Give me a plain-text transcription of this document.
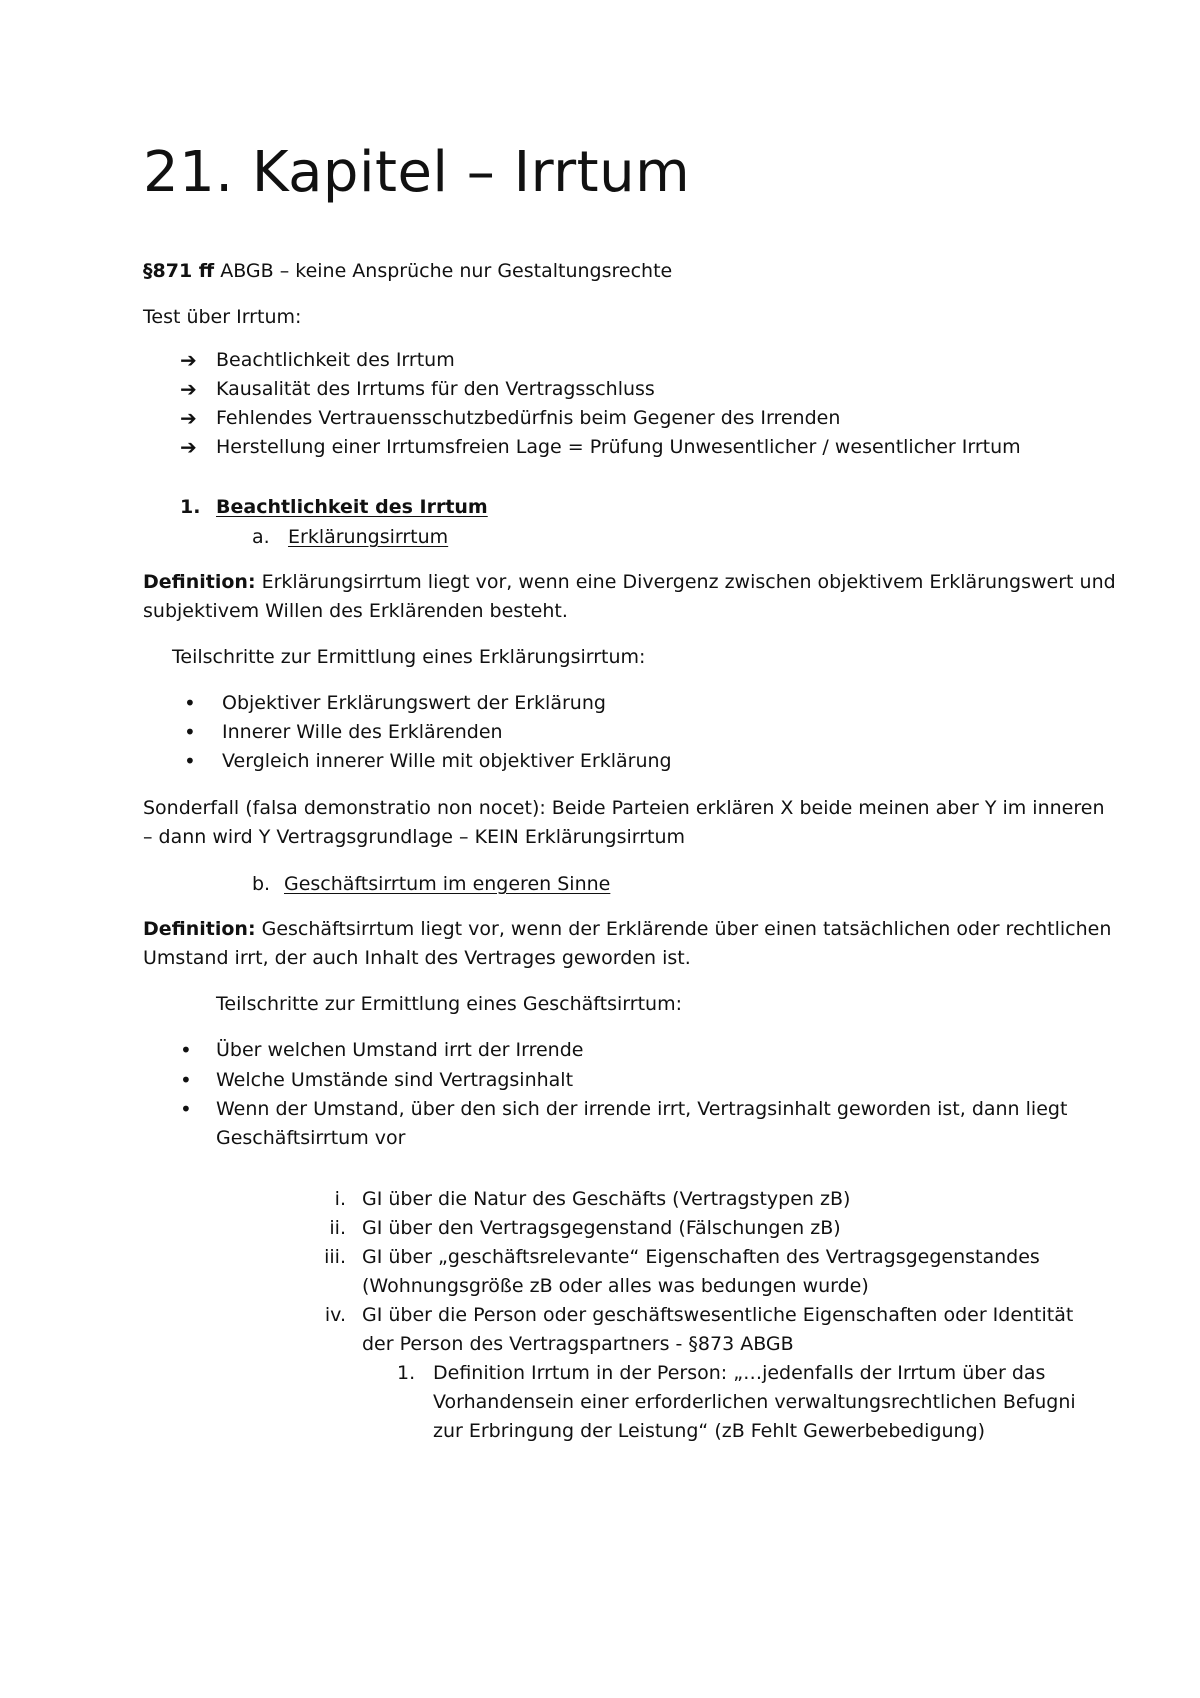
21. Kapitel – Irrtum
§871 ff ABGB – keine Ansprüche nur Gestaltungsrechte
Test über Irrtum:
➔ Beachtlichkeit des Irrtum
➔ Kausalität des Irrtums für den Vertragsschluss
➔ Fehlendes Vertrauensschutzbedürfnis beim Gegener des Irrenden
➔ Herstellung einer Irrtumsfreien Lage = Prüfung Unwesentlicher / wesentlicher Irrtum
1. Beachtlichkeit des Irrtum
a. Erklärungsirrtum
Definition: Erklärungsirrtum liegt vor, wenn eine Divergenz zwischen objektivem Erklärungswert und
subjektivem Willen des Erklärenden besteht.
Teilschritte zur Ermittlung eines Erklärungsirrtum:
• Objektiver Erklärungswert der Erklärung
• Innerer Wille des Erklärenden
• Vergleich innerer Wille mit objektiver Erklärung
Sonderfall (falsa demonstratio non nocet): Beide Parteien erklären X beide meinen aber Y im inneren
– dann wird Y Vertragsgrundlage – KEIN Erklärungsirrtum
b. Geschäftsirrtum im engeren Sinne
Definition: Geschäftsirrtum liegt vor, wenn der Erklärende über einen tatsächlichen oder rechtlichen
Umstand irrt, der auch Inhalt des Vertrages geworden ist.
Teilschritte zur Ermittlung eines Geschäftsirrtum:
• Über welchen Umstand irrt der Irrende
• Welche Umstände sind Vertragsinhalt
• Wenn der Umstand, über den sich der irrende irrt, Vertragsinhalt geworden ist, dann liegt
Geschäftsirrtum vor
i. GI über die Natur des Geschäfts (Vertragstypen zB)
ii. GI über den Vertragsgegenstand (Fälschungen zB)
iii. GI über „geschäftsrelevante“ Eigenschaften des Vertragsgegenstandes
(Wohnungsgröße zB oder alles was bedungen wurde)
iv. GI über die Person oder geschäftswesentliche Eigenschaften oder Identität
der Person des Vertragspartners - §873 ABGB
1. Definition Irrtum in der Person: „…jedenfalls der Irrtum über das
Vorhandensein einer erforderlichen verwaltungsrechtlichen Befugni
zur Erbringung der Leistung“ (zB Fehlt Gewerbebedigung)
